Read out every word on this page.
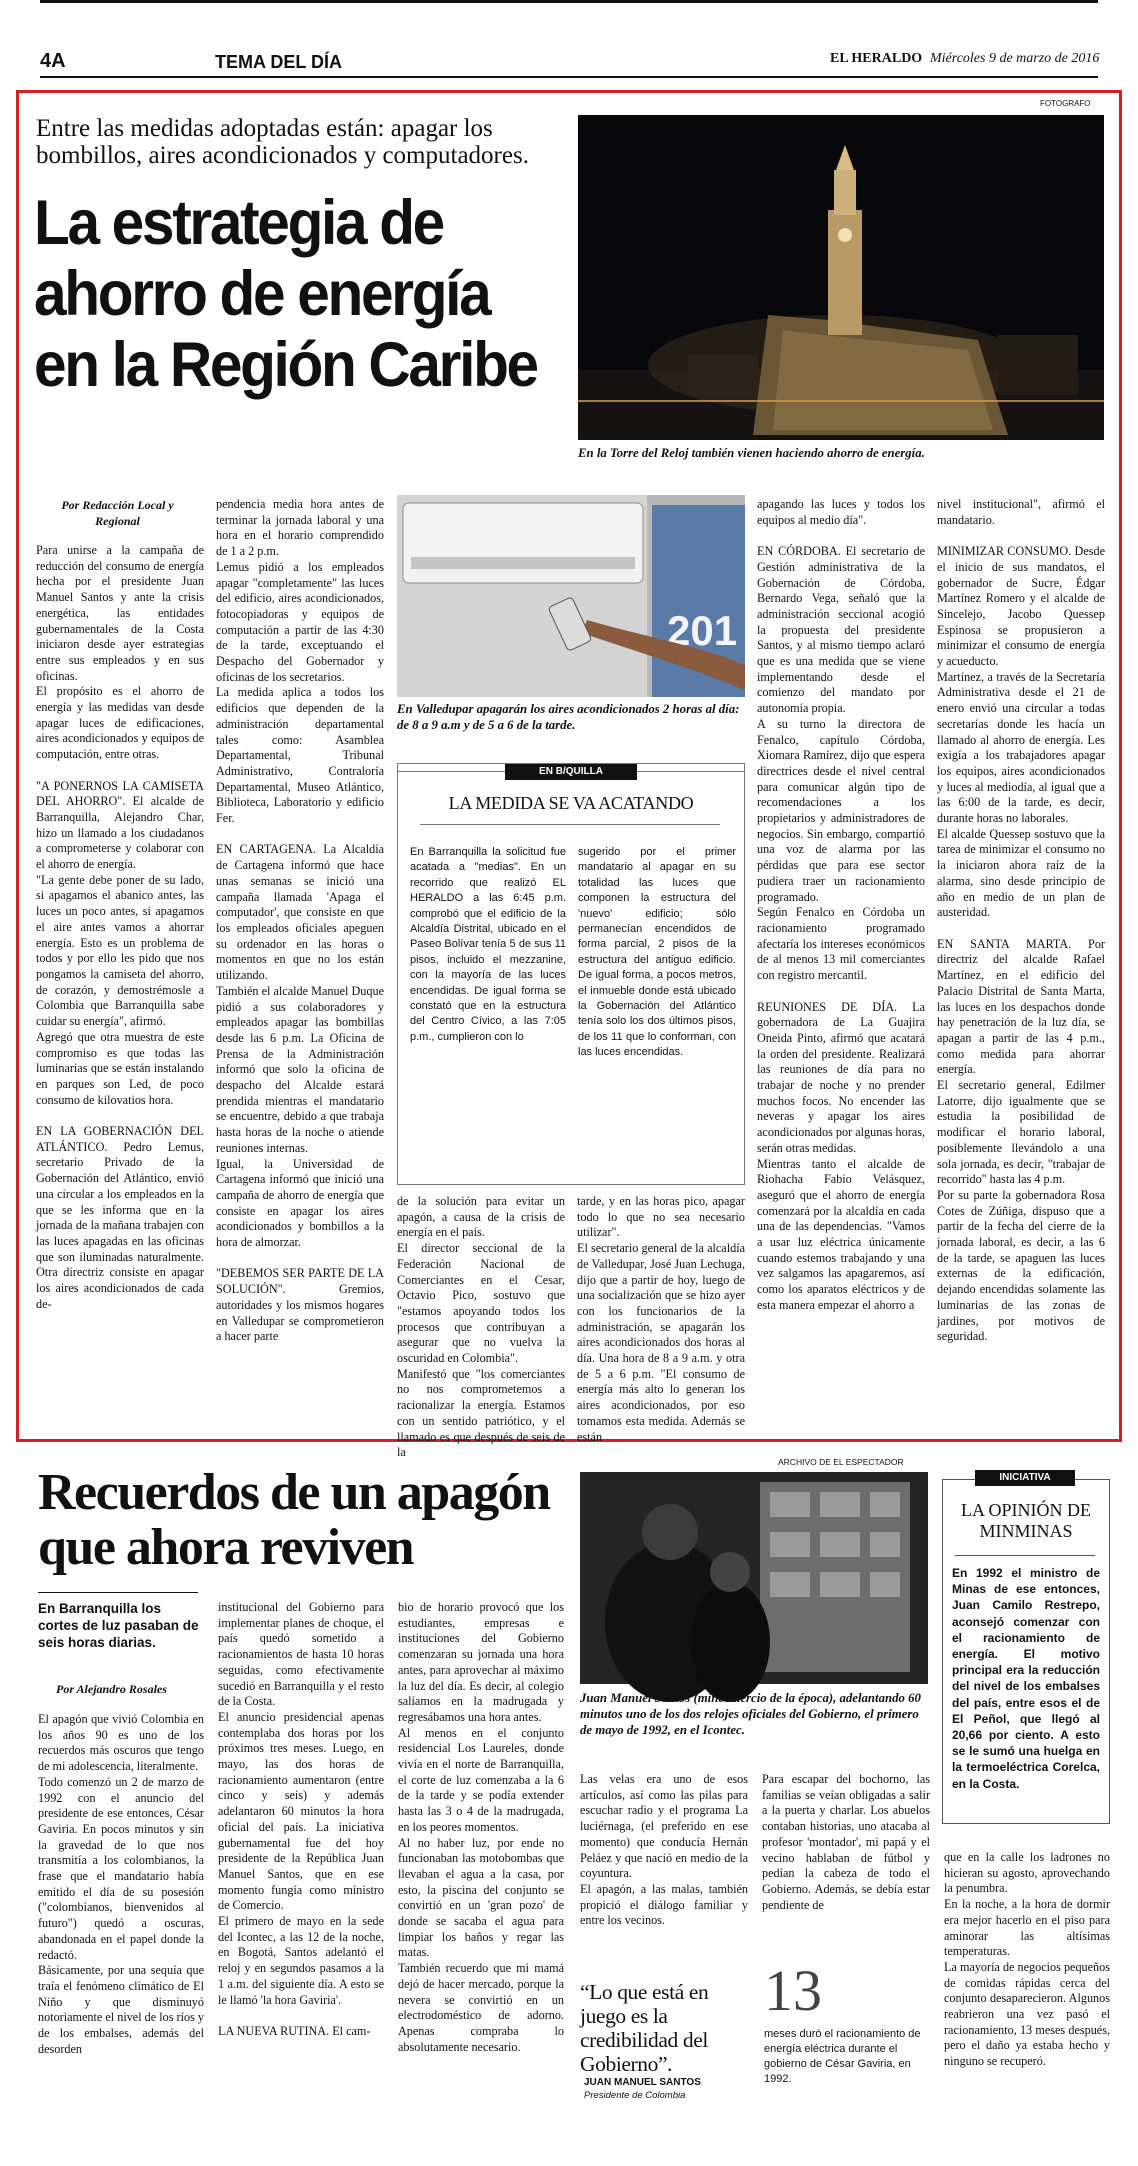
4A	TEMA DEL DÍA	EL HERALDO Miércoles 9 de marzo de 2016
Entre las medidas adoptadas están: apagar los bombillos, aires acondicionados y computadores.
La estrategia de ahorro de energía en la Región Caribe
FOTOGRAFO
En la Torre del Reloj también vienen haciendo ahorro de energía.
Por Redacción Local y Regional
Para unirse a la campaña de reducción del consumo de energía hecha por el presidente Juan Manuel Santos y ante la crisis energética, las entidades gubernamentales de la Costa iniciaron desde ayer estrategias entre sus empleados y en sus oficinas.
El propósito es el ahorro de energía y las medidas van desde apagar luces de edificaciones, aires acondicionados y equipos de computación, entre otras.

"A PONERNOS LA CAMISETA DEL AHORRO". El alcalde de Barranquilla, Alejandro Char, hizo un llamado a los ciudadanos a comprometerse y colaborar con el ahorro de energía.
"La gente debe poner de su lado, si apagamos el abanico antes, las luces un poco antes, si apagamos el aire antes vamos a ahorrar energía. Esto es un problema de todos y por ello les pido que nos pongamos la camiseta del ahorro, de corazón, y demostrémosle a Colombia que Barranquilla sabe cuidar su energía", afirmó.
Agregó que otra muestra de este compromiso es que todas las luminarias que se están instalando en parques son Led, de poco consumo de kilovatios hora.

EN LA GOBERNACIÓN DEL ATLÁNTICO. Pedro Lemus, secretario Privado de la Gobernación del Atlántico, envió una circular a los empleados en la que se les informa que en la jornada de la mañana trabajen con las luces apagadas en las oficinas que son iluminadas naturalmente. Otra directriz consiste en apagar los aires acondicionados de cada de-
pendencia media hora antes de terminar la jornada laboral y una hora en el horario comprendido de 1 a 2 p.m.
Lemus pidió a los empleados apagar "completamente" las luces del edificio, aires acondicionados, fotocopiadoras y equipos de computación a partir de las 4:30 de la tarde, exceptuando el Despacho del Gobernador y oficinas de los secretarios.
La medida aplica a todos los edificios que dependen de la administración departamental tales como: Asamblea Departamental, Tribunal Administrativo, Contraloría Departamental, Museo Atlántico, Biblioteca, Laboratorio y edificio Fer.

EN CARTAGENA. La Alcaldía de Cartagena informó que hace unas semanas se inició una campaña llamada 'Apaga el computador', que consiste en que los empleados oficiales apeguen su ordenador en las horas o momentos en que no los están utilizando.
También el alcalde Manuel Duque pidió a sus colaboradores y empleados apagar las bombillas desde las 6 p.m. La Oficina de Prensa de la Administración informó que solo la oficina de despacho del Alcalde estará prendida mientras el mandatario se encuentre, debido a que trabaja hasta horas de la noche o atiende reuniones internas.
Igual, la Universidad de Cartagena informó que inició una campaña de ahorro de energía que consiste en apagar los aires acondicionados y bombillos a la hora de almorzar.

"DEBEMOS SER PARTE DE LA SOLUCIÓN". Gremios, autoridades y los mismos hogares en Valledupar se comprometieron a hacer parte
201
En Valledupar apagarán los aires acondicionados 2 horas al día: de 8 a 9 a.m y de 5 a 6 de la tarde.
EN B/QUILLA
LA MEDIDA SE VA ACATANDO
En Barranquilla la solicitud fue acatada a "medias". En un recorrido que realizó EL HERALDO a las 6:45 p.m. comprobó que el edificio de la Alcaldía Distrital, ubicado en el Paseo Bolívar tenía 5 de sus 11 pisos, incluido el mezzanine, con la mayoría de las luces encendidas. De igual forma se constató que en la estructura del Centro Cívico, a las 7:05 p.m., cumplieron con lo
sugerido por el primer mandatario al apagar en su totalidad las luces que componen la estructura del 'nuevo' edificio; sólo permanecían encendidos de forma parcial, 2 pisos de la estructura del antiguo edificio. De igual forma, a pocos metros, el inmueble donde está ubicado la Gobernación del Atlántico tenía solo los dos últimos pisos, de los 11 que lo conforman, con las luces encendidas.
de la solución para evitar un apagón, a causa de la crisis de energía en el país.
El director seccional de la Federación Nacional de Comerciantes en el Cesar, Octavio Pico, sostuvo que "estamos apoyando todos los procesos que contribuyan a asegurar que no vuelva la oscuridad en Colombia".
Manifestó que "los comerciantes no nos comprometemos a racionalizar la energía. Estamos con un sentido patriótico, y el llamado es que después de seis de la
tarde, y en las horas pico, apagar todo lo que no sea necesario utilizar".
El secretario general de la alcaldía de Valledupar, José Juan Lechuga, dijo que a partir de hoy, luego de una socialización que se hizo ayer con los funcionarios de la administración, se apagarán los aires acondicionados dos horas al día. Una hora de 8 a 9 a.m. y otra de 5 a 6 p.m. "El consumo de energía más alto lo generan los aires acondicionados, por eso tomamos esta medida. Además se están
apagando las luces y todos los equipos al medio día".

EN CÓRDOBA. El secretario de Gestión administrativa de la Gobernación de Córdoba, Bernardo Vega, señaló que la administración seccional acogió la propuesta del presidente Santos, y al mismo tiempo aclaró que es una medida que se viene implementando desde el comienzo del mandato por autonomía propia.
A su turno la directora de Fenalco, capítulo Córdoba, Xiomara Ramírez, dijo que espera directrices desde el nivel central para comunicar algún tipo de recomendaciones a los propietarios y administradores de negocios. Sin embargo, compartió una voz de alarma por las pérdidas que para ese sector pudiera traer un racionamiento programado.
Según Fenalco en Córdoba un racionamiento programado afectaría los intereses económicos de al menos 13 mil comerciantes con registro mercantil.

REUNIONES DE DÍA. La gobernadora de La Guajira Oneida Pinto, afirmó que acatará la orden del presidente. Realizará las reuniones de día para no trabajar de noche y no prender muchos focos. No encender las neveras y apagar los aires acondicionados por algunas horas, serán otras medidas.
Mientras tanto el alcalde de Riohacha Fabio Velásquez, aseguró que el ahorro de energía comenzará por la alcaldía en cada una de las dependencias. "Vamos a usar luz eléctrica únicamente cuando estemos trabajando y una vez salgamos las apagaremos, así como los aparatos eléctricos y de esta manera empezar el ahorro a
nivel institucional", afirmó el mandatario.

MINIMIZAR CONSUMO. Desde el inicio de sus mandatos, el gobernador de Sucre, Édgar Martínez Romero y el alcalde de Sincelejo, Jacobo Quessep Espinosa se propusieron a minimizar el consumo de energía y acueducto.
Martínez, a través de la Secretaría Administrativa desde el 21 de enero envió una circular a todas secretarías donde les hacía un llamado al ahorro de energía. Les exigía a los trabajadores apagar los equipos, aires acondicionados y luces al mediodía, al igual que a las 6:00 de la tarde, es decir, durante horas no laborales.
El alcalde Quessep sostuvo que la tarea de minimizar el consumo no la iniciaron ahora raíz de la alarma, sino desde principio de año en medio de un plan de austeridad.

EN SANTA MARTA. Por directriz del alcalde Rafael Martínez, en el edificio del Palacio Distrital de Santa Marta, las luces en los despachos donde hay penetración de la luz día, se apagan a partir de las 4 p.m., como medida para ahorrar energía.
El secretario general, Edilmer Latorre, dijo igualmente que se estudia la posibilidad de modificar el horario laboral, posiblemente llevándolo a una sola jornada, es decir, "trabajar de recorrido" hasta las 4 p.m.
Por su parte la gobernadora Rosa Cotes de Zúñiga, dispuso que a partir de la fecha del cierre de la jornada laboral, es decir, a las 6 de la tarde, se apaguen las luces externas de la edificación, dejando encendidas solamente las luminarias de las zonas de jardines, por motivos de seguridad.
Recuerdos de un apagón que ahora reviven
En Barranquilla los cortes de luz pasaban de seis horas diarias.
Por Alejandro Rosales
El apagón que vivió Colombia en los años 90 es uno de los recuerdos más oscuros que tengo de mi adolescencia, literalmente.
Todo comenzó un 2 de marzo de 1992 con el anuncio del presidente de ese entonces, César Gaviria. En pocos minutos y sin la gravedad de lo que nos transmitía a los colombianos, la frase que el mandatario había emitido el día de su posesión ("colombianos, bienvenidos al futuro") quedó a oscuras, abandonada en el papel donde la redactó.
Básicamente, por una sequía que traía el fenómeno climático de El Niño y que disminuyó notoriamente el nivel de los ríos y de los embalses, además del desorden
institucional del Gobierno para implementar planes de choque, el país quedó sometido a racionamientos de hasta 10 horas seguidas, como efectivamente sucedió en Barranquilla y el resto de la Costa.
El anuncio presidencial apenas contemplaba dos horas por los próximos tres meses. Luego, en mayo, las dos horas de racionamiento aumentaron (entre cinco y seis) y además adelantaron 60 minutos la hora oficial del país. La iniciativa gubernamental fue del hoy presidente de la República Juan Manuel Santos, que en ese momento fungía como ministro de Comercio.
El primero de mayo en la sede del Icontec, a las 12 de la noche, en Bogotá, Santos adelantó el reloj y en segundos pasamos a la 1 a.m. del siguiente día. A esto se le llamó 'la hora Gaviria'.

LA NUEVA RUTINA. El cam-
bio de horario provocó que los estudiantes, empresas e instituciones del Gobierno comenzaran su jornada una hora antes, para aprovechar al máximo la luz del día. Es decir, al colegio salíamos en la madrugada y regresábamos una hora antes.
Al menos en el conjunto residencial Los Laureles, donde vivía en el norte de Barranquilla, el corte de luz comenzaba a la 6 de la tarde y se podía extender hasta las 3 o 4 de la madrugada, en los peores momentos.
Al no haber luz, por ende no funcionaban las motobombas que llevaban el agua a la casa, por esto, la piscina del conjunto se convirtió en un 'gran pozo' de donde se sacaba el agua para limpiar los baños y regar las matas.
También recuerdo que mi mamá dejó de hacer mercado, porque la nevera se convirtió en un electrodoméstico de adorno. Apenas compraba lo absolutamente necesario.
ARCHIVO DE EL ESPECTADOR
Juan Manuel Santos (mincomercio de la época), adelantando 60 minutos uno de los dos relojes oficiales del Gobierno, el primero de mayo de 1992, en el Icontec.
Las velas era uno de esos artículos, así como las pilas para escuchar radio y el programa La luciérnaga, (el preferido en ese momento) que conducía Hernán Peláez y que nació en medio de la coyuntura.
El apagón, a las malas, también propició el diálogo familiar y entre los vecinos.
Para escapar del bochorno, las familias se veían obligadas a salir a la puerta y charlar. Los abuelos contaban historias, uno atacaba al profesor 'montador', mi papá y el vecino hablaban de fútbol y pedían la cabeza de todo el Gobierno. Además, se debía estar pendiente de
“Lo que está en juego es la credibilidad del Gobierno”.
JUAN MANUEL SANTOS
Presidente de Colombia
13
meses duró el racionamiento de energía eléctrica durante el gobierno de César Gaviria, en 1992.
INICIATIVA
LA OPINIÓN DE MINMINAS
En 1992 el ministro de Minas de ese entonces, Juan Camilo Restrepo, aconsejó comenzar con el racionamiento de energía. El motivo principal era la reducción del nivel de los embalses del país, entre esos el de El Peñol, que llegó al 20,66 por ciento. A esto se le sumó una huelga en la termoeléctrica Corelca, en la Costa.
que en la calle los ladrones no hicieran su agosto, aprovechando la penumbra.
En la noche, a la hora de dormir era mejor hacerlo en el piso para aminorar las altísimas temperaturas.
La mayoría de negocios pequeños de comidas rápidas cerca del conjunto desaparecieron. Algunos reabrieron una vez pasó el racionamiento, 13 meses después, pero el daño ya estaba hecho y ninguno se recuperó.
